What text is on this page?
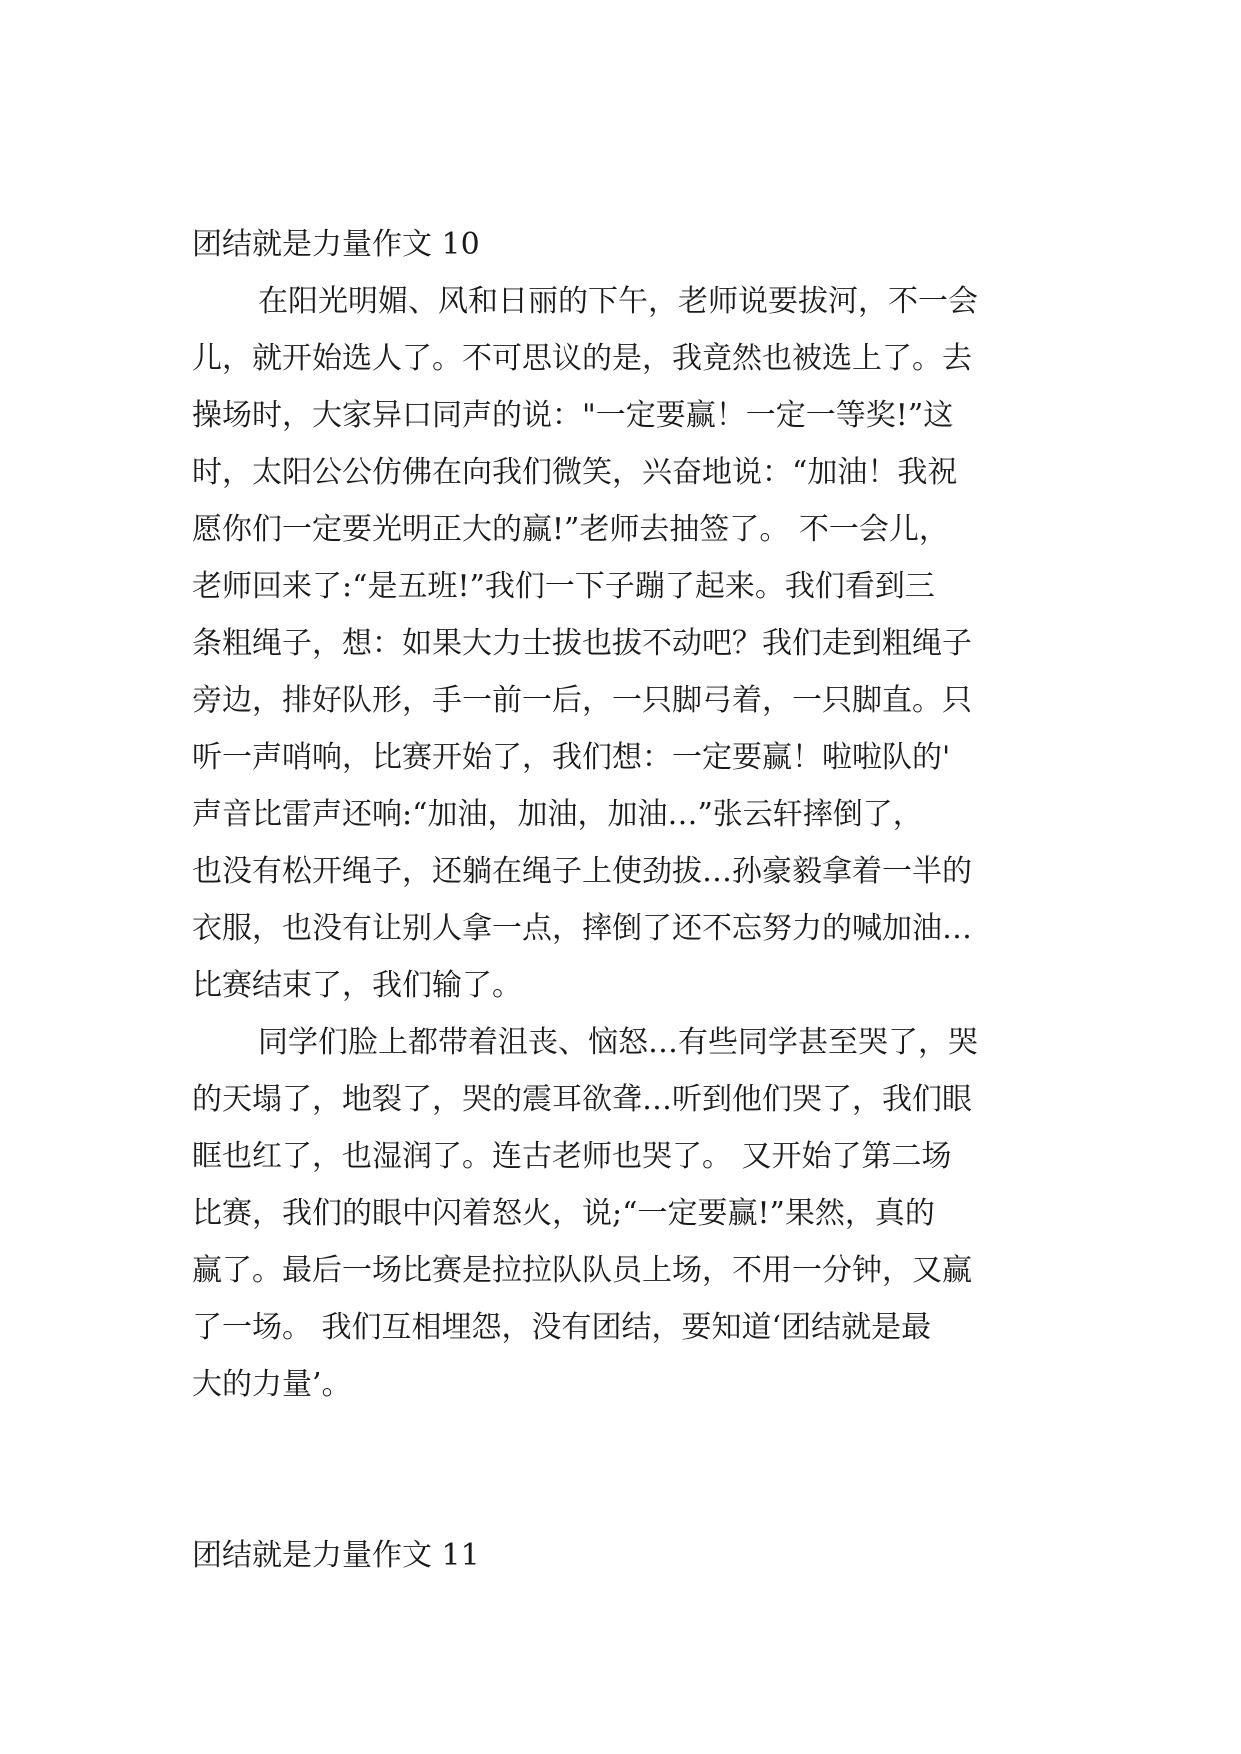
团结就是力量作文 10
在阳光明媚、风和日丽的下午，老师说要拔河，不一会
儿，就开始选人了。不可思议的是，我竟然也被选上了。去
操场时，大家异口同声的说："一定要赢！一定一等奖!”这
时，太阳公公仿佛在向我们微笑，兴奋地说：“加油！我祝
愿你们一定要光明正大的赢!”老师去抽签了。 不一会儿，
老师回来了:“是五班!”我们一下子蹦了起来。我们看到三
条粗绳子，想：如果大力士拔也拔不动吧？我们走到粗绳子
旁边，排好队形，手一前一后，一只脚弓着，一只脚直。只
听一声哨响，比赛开始了，我们想：一定要赢！啦啦队的'
声音比雷声还响:“加油，加油，加油…”张云轩摔倒了，
也没有松开绳子，还躺在绳子上使劲拔…孙豪毅拿着一半的
衣服，也没有让别人拿一点，摔倒了还不忘努力的喊加油…
比赛结束了，我们输了。
同学们脸上都带着沮丧、恼怒…有些同学甚至哭了，哭
的天塌了，地裂了，哭的震耳欲聋…听到他们哭了，我们眼
眶也红了，也湿润了。连古老师也哭了。 又开始了第二场
比赛，我们的眼中闪着怒火，说;“一定要赢!”果然，真的
赢了。最后一场比赛是拉拉队队员上场，不用一分钟，又赢
了一场。 我们互相埋怨，没有团结，要知道‘团结就是最
大的力量’。
团结就是力量作文 11
